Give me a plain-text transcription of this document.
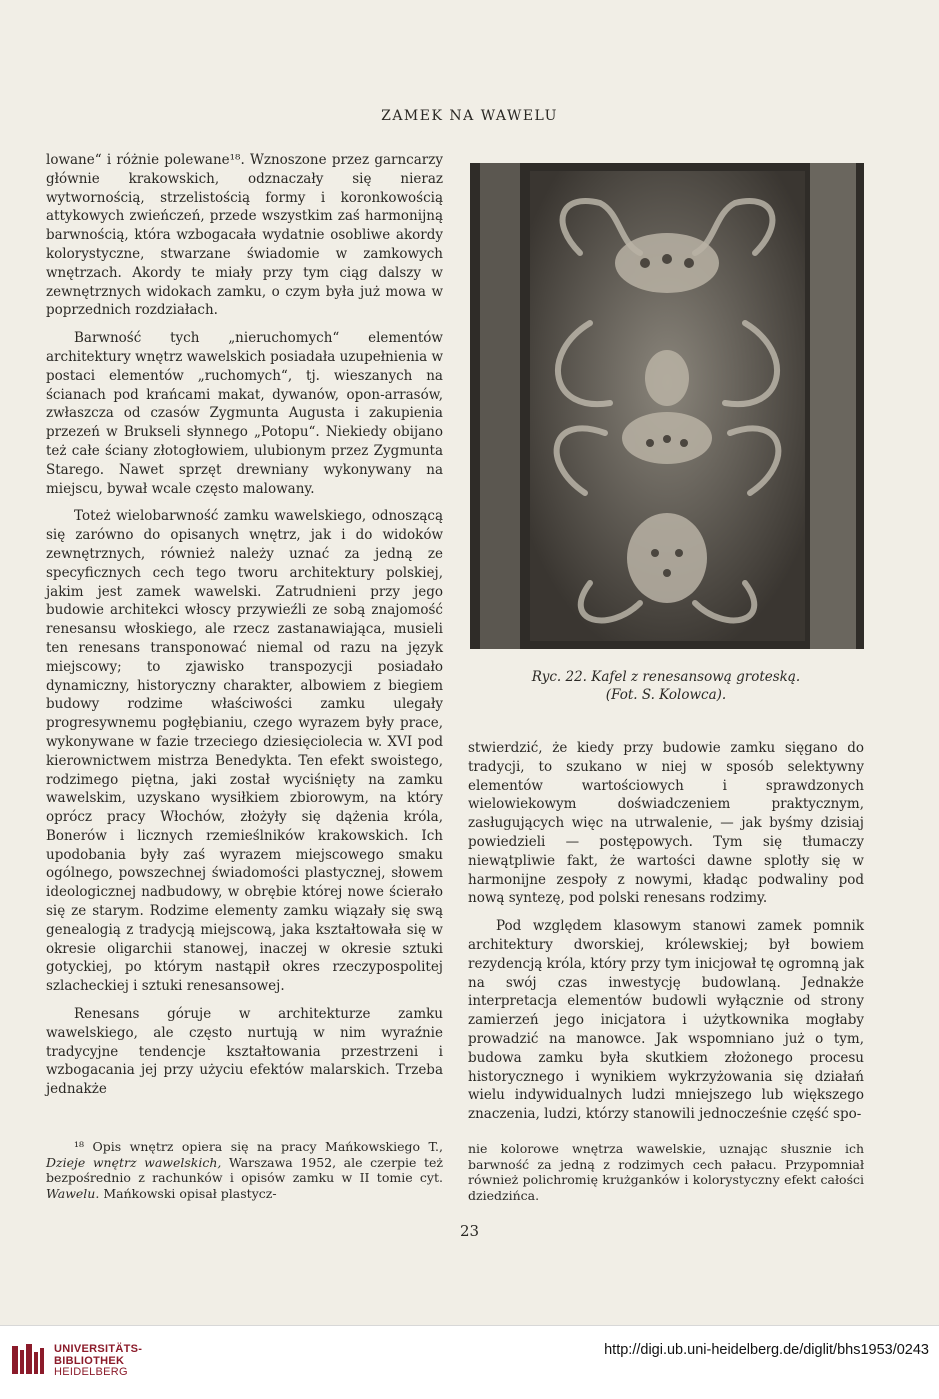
ZAMEK NA WAWELU

lowane“ i różnie polewane¹⁸. Wznoszone przez garncarzy głównie krakowskich, odznaczały się nieraz wytwornością, strzelistością formy i koronkowością attykowych zwieńczeń, przede wszystkim zaś harmonijną barwnością, która wzbogacała wydatnie osobliwe akordy kolorystyczne, stwarzane świadomie w zamkowych wnętrzach. Akordy te miały przy tym ciąg dalszy w zewnętrznych widokach zamku, o czym była już mowa w poprzednich rozdziałach.

Barwność tych „nieruchomych“ elementów architektury wnętrz wawelskich posiadała uzupełnienia w postaci elementów „ruchomych“, tj. wieszanych na ścianach pod krańcami makat, dywanów, opon-arrasów, zwłaszcza od czasów Zygmunta Augusta i zakupienia przezeń w Brukseli słynnego „Potopu“. Niekiedy obijano też całe ściany złotogłowiem, ulubionym przez Zygmunta Starego. Nawet sprzęt drewniany wykonywany na miejscu, bywał wcale często malowany.

Toteż wielobarwność zamku wawelskiego, odnoszącą się zarówno do opisanych wnętrz, jak i do widoków zewnętrznych, również należy uznać za jedną ze specyficznych cech tego tworu architektury polskiej, jakim jest zamek wawelski. Zatrudnieni przy jego budowie architekci włoscy przywieźli ze sobą znajomość renesansu włoskiego, ale rzecz zastanawiająca, musieli ten renesans transponować niemal od razu na język miejscowy; to zjawisko transpozycji posiadało dynamiczny, historyczny charakter, albowiem z biegiem budowy rodzime właściwości zamku ulegały progresywnemu pogłębianiu, czego wyrazem były prace, wykonywane w fazie trzeciego dziesięciolecia w. XVI pod kierownictwem mistrza Benedykta. Ten efekt swoistego, rodzimego piętna, jaki został wyciśnięty na zamku wawelskim, uzyskano wysiłkiem zbiorowym, na który oprócz pracy Włochów, złożyły się dążenia króla, Bonerów i licznych rzemieślników krakowskich. Ich upodobania były zaś wyrazem miejscowego smaku ogólnego, powszechnej świadomości plastycznej, słowem ideologicznej nadbudowy, w obrębie której nowe ścierało się ze starym. Rodzime elementy zamku wiązały się swą genealogią z tradycją miejscową, jaka kształtowała się w okresie oligarchii stanowej, inaczej w okresie sztuki gotyckiej, po którym nastąpił okres rzeczypospolitej szlacheckiej i sztuki renesansowej.

Renesans góruje w architekturze zamku wawelskiego, ale często nurtują w nim wyraźnie tradycyjne tendencje kształtowania przestrzeni i wzbogacania jej przy użyciu efektów malarskich. Trzeba jednakże

Ryc. 22. Kafel z renesansową groteską.
(Fot. S. Kolowca).

stwierdzić, że kiedy przy budowie zamku sięgano do tradycji, to szukano w niej w sposób selektywny elementów wartościowych i sprawdzonych wielowiekowym doświadczeniem praktycznym, zasługujących więc na utrwalenie, — jak byśmy dzisiaj powiedzieli — postępowych. Tym się tłumaczy niewątpliwie fakt, że wartości dawne splotły się w harmonijne zespoły z nowymi, kładąc podwaliny pod nową syntezę, pod polski renesans rodzimy.

Pod względem klasowym stanowi zamek pomnik architektury dworskiej, królewskiej; był bowiem rezydencją króla, który przy tym inicjował tę ogromną jak na swój czas inwestycję budowlaną. Jednakże interpretacja elementów budowli wyłącznie od strony zamierzeń jego inicjatora i użytkownika mogłaby prowadzić na manowce. Jak wspomniano już o tym, budowa zamku była skutkiem złożonego procesu historycznego i wynikiem wykrzyżowania się działań wielu indywidualnych ludzi mniejszego lub większego znaczenia, ludzi, którzy stanowili jednocześnie część spo-

¹⁸ Opis wnętrz opiera się na pracy Mańkowskiego T., Dzieje wnętrz wawelskich, Warszawa 1952, ale czerpie też bezpośrednio z rachunków i opisów zamku w II tomie cyt. Wawelu. Mańkowski opisał plastycz-

nie kolorowe wnętrza wawelskie, uznając słusznie ich barwność za jedną z rodzimych cech pałacu. Przypomniał również polichromię krużganków i kolorystyczny efekt całości dziedzińca.

23
UNIVERSITÄTS-
BIBLIOTHEK
HEIDELBERG
http://digi.ub.uni-heidelberg.de/diglit/bhs1953/0243
